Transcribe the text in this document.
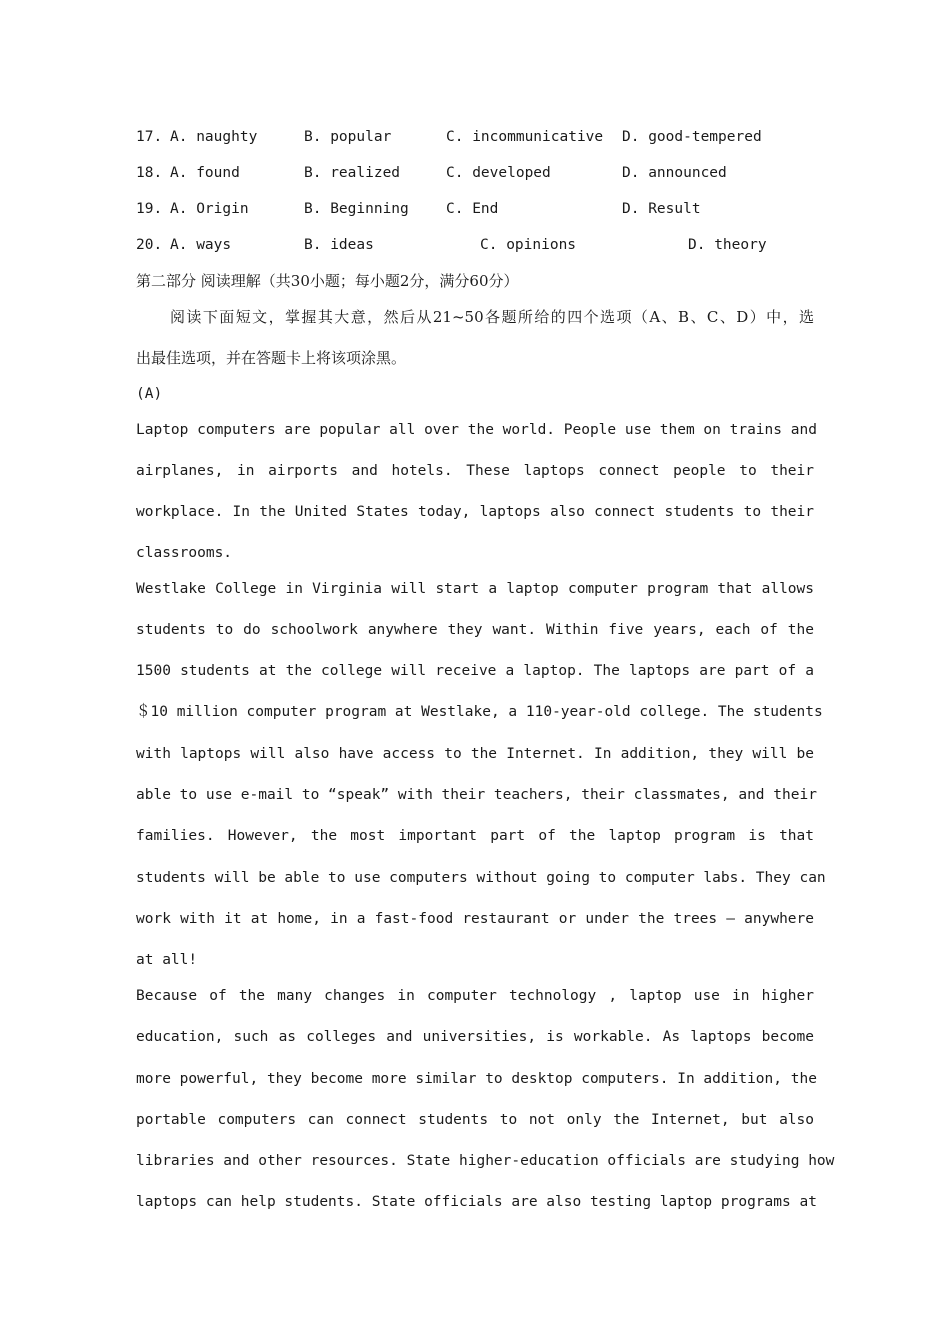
17.

A. naughty

	B. popular

	C. incommunicative

D. good-tempered

18.

A. found

	B. realized

	C. developed

	D. announced

19.

A. Origin

	B. Beginning

	C. End

	D. Result

20.

A. ways

	B. ideas

	C. opinions

	D. theory

第二部分 阅读理解（共30小题；每小题2分，满分60分）
阅读下面短文，掌握其大意，然后从21~50各题所给的四个选项（A、B、C、D）中，选
出最佳选项，并在答题卡上将该项涂黑。
(A)
Laptop computers are popular all over the world. People use them on trains and
airplanes, in airports and hotels. These laptops connect people to their
workplace. In the United States today, laptops also connect students to their
classrooms.
Westlake College in Virginia will start a laptop computer program that allows
students to do schoolwork anywhere they want. Within five years, each of the
1500 students at the college will receive a laptop. The laptops are part of a
＄10 million computer program at Westlake, a 110-year-old college. The students
with laptops will also have access to the Internet. In addition, they will be
able to use e-mail to “speak” with their teachers, their classmates, and their
families. However, the most important part of the laptop program is that
students will be able to use computers without going to computer labs. They can
work with it at home, in a fast-food restaurant or under the trees — anywhere
at all!
Because of the many changes in computer technology , laptop use in higher
education, such as colleges and universities, is workable. As laptops become
more powerful, they become more similar to desktop computers. In addition, the
portable computers can connect students to not only the Internet, but also
libraries and other resources. State higher-education officials are studying how
laptops can help students. State officials are also testing laptop programs at
